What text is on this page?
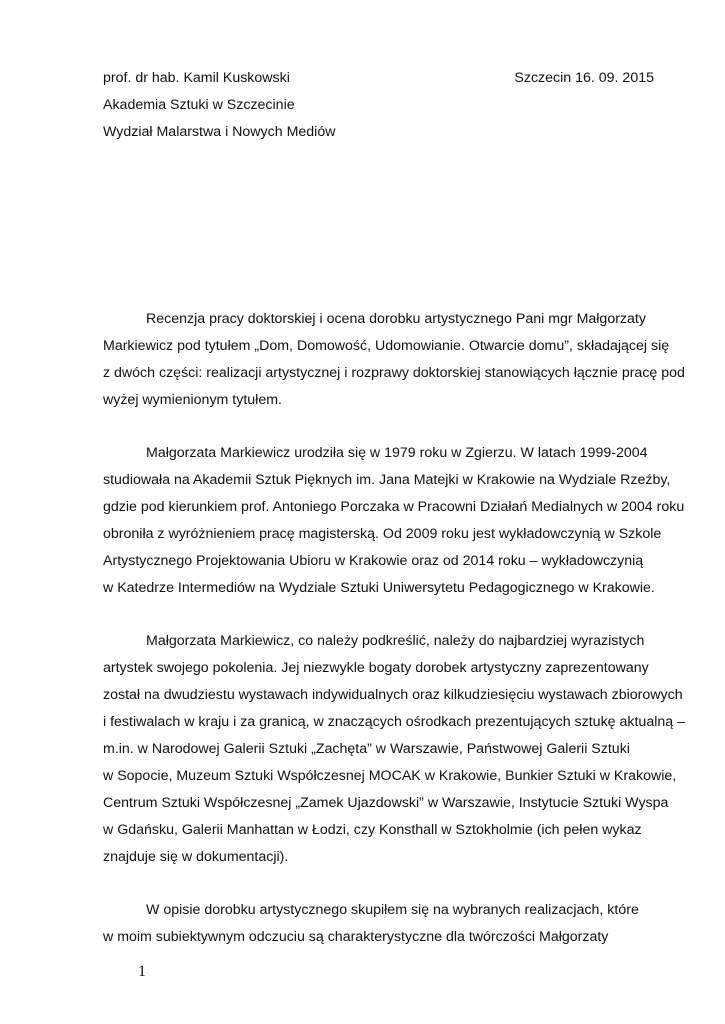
prof. dr hab. Kamil Kuskowski	Szczecin 16. 09. 2015
Akademia Sztuki w Szczecinie
Wydział Malarstwa i Nowych Mediów
Recenzja pracy doktorskiej i ocena dorobku artystycznego Pani mgr Małgorzaty
Markiewicz pod tytułem „Dom, Domowość, Udomowianie. Otwarcie domu”, składającej się
z dwóch części: realizacji artystycznej i rozprawy doktorskiej stanowiących łącznie pracę pod
wyżej wymienionym tytułem.
Małgorzata Markiewicz urodziła się w 1979 roku w Zgierzu. W latach 1999-2004
studiowała na Akademii Sztuk Pięknych im. Jana Matejki w Krakowie na Wydziale Rzeźby,
gdzie pod kierunkiem prof. Antoniego Porczaka w Pracowni Działań Medialnych w 2004 roku
obroniła z wyróżnieniem pracę magisterską. Od 2009 roku jest wykładowczynią w Szkole
Artystycznego Projektowania Ubioru w Krakowie oraz od 2014 roku – wykładowczynią
w Katedrze Intermediów na Wydziale Sztuki Uniwersytetu Pedagogicznego w Krakowie.
Małgorzata Markiewicz, co należy podkreślić, należy do najbardziej wyrazistych
artystek swojego pokolenia. Jej niezwykle bogaty dorobek artystyczny zaprezentowany
został na dwudziestu wystawach indywidualnych oraz kilkudziesięciu wystawach zbiorowych
i festiwalach w kraju i za granicą, w znaczących ośrodkach prezentujących sztukę aktualną –
m.in. w Narodowej Galerii Sztuki „Zachęta” w Warszawie, Państwowej Galerii Sztuki
w Sopocie, Muzeum Sztuki Współczesnej MOCAK w Krakowie, Bunkier Sztuki w Krakowie,
Centrum Sztuki Współczesnej „Zamek Ujazdowski” w Warszawie, Instytucie Sztuki Wyspa
w Gdańsku, Galerii Manhattan w Łodzi, czy Konsthall w Sztokholmie (ich pełen wykaz
znajduje się w dokumentacji).
W opisie dorobku artystycznego skupiłem się na wybranych realizacjach, które
w moim subiektywnym odczuciu są charakterystyczne dla twórczości Małgorzaty
1
